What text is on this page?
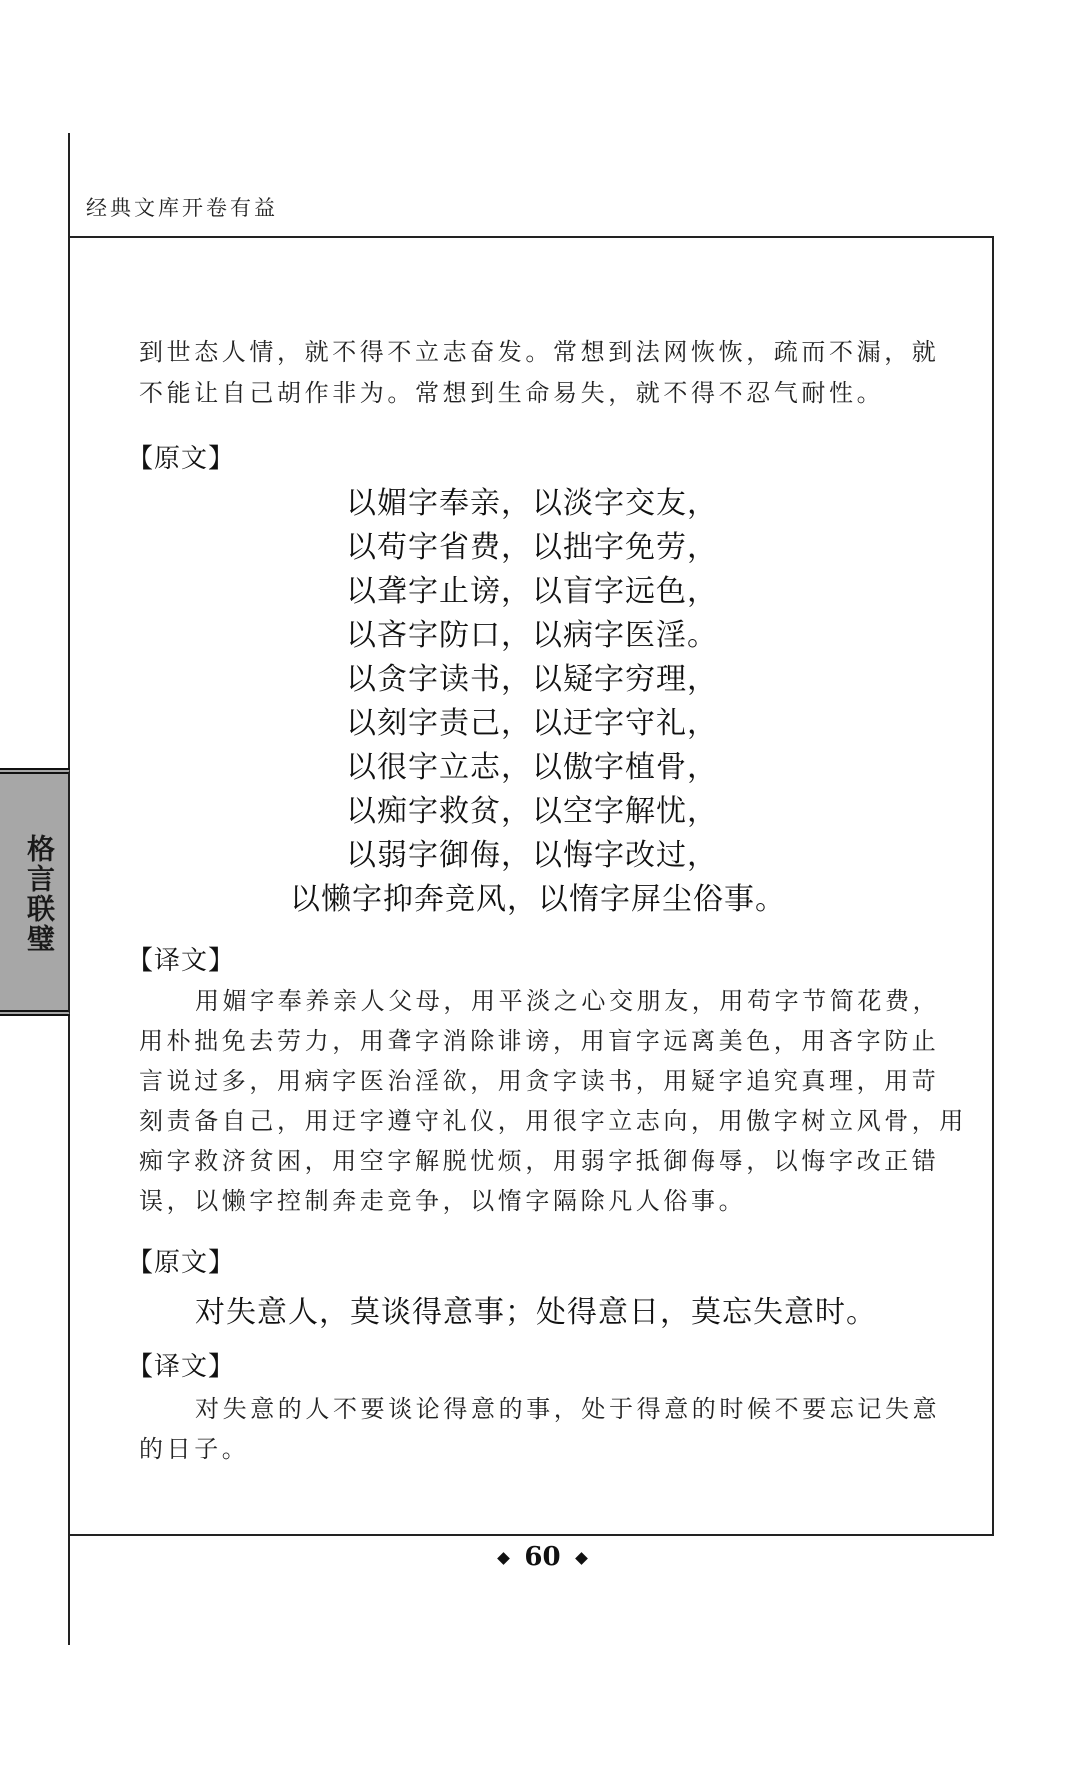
经典文库开卷有益
格言联璧
到世态人情，就不得不立志奋发。常想到法网恢恢，疏而不漏，就
不能让自己胡作非为。常想到生命易失，就不得不忍气耐性。
【原文】
以媚字奉亲，以淡字交友，
以苟字省费，以拙字免劳，
以聋字止谤，以盲字远色，
以吝字防口，以病字医淫。
以贪字读书，以疑字穷理，
以刻字责己，以迂字守礼，
以很字立志，以傲字植骨，
以痴字救贫，以空字解忧，
以弱字御侮，以悔字改过，
以懒字抑奔竞风，以惰字屏尘俗事。
【译文】
用媚字奉养亲人父母，用平淡之心交朋友，用苟字节简花费，
用朴拙免去劳力，用聋字消除诽谤，用盲字远离美色，用吝字防止
言说过多，用病字医治淫欲，用贪字读书，用疑字追究真理，用苛
刻责备自己，用迂字遵守礼仪，用很字立志向，用傲字树立风骨，用
痴字救济贫困，用空字解脱忧烦，用弱字抵御侮辱，以悔字改正错
误，以懒字控制奔走竞争，以惰字隔除凡人俗事。
【原文】
对失意人，莫谈得意事；处得意日，莫忘失意时。
【译文】
对失意的人不要谈论得意的事，处于得意的时候不要忘记失意
的日子。
60
